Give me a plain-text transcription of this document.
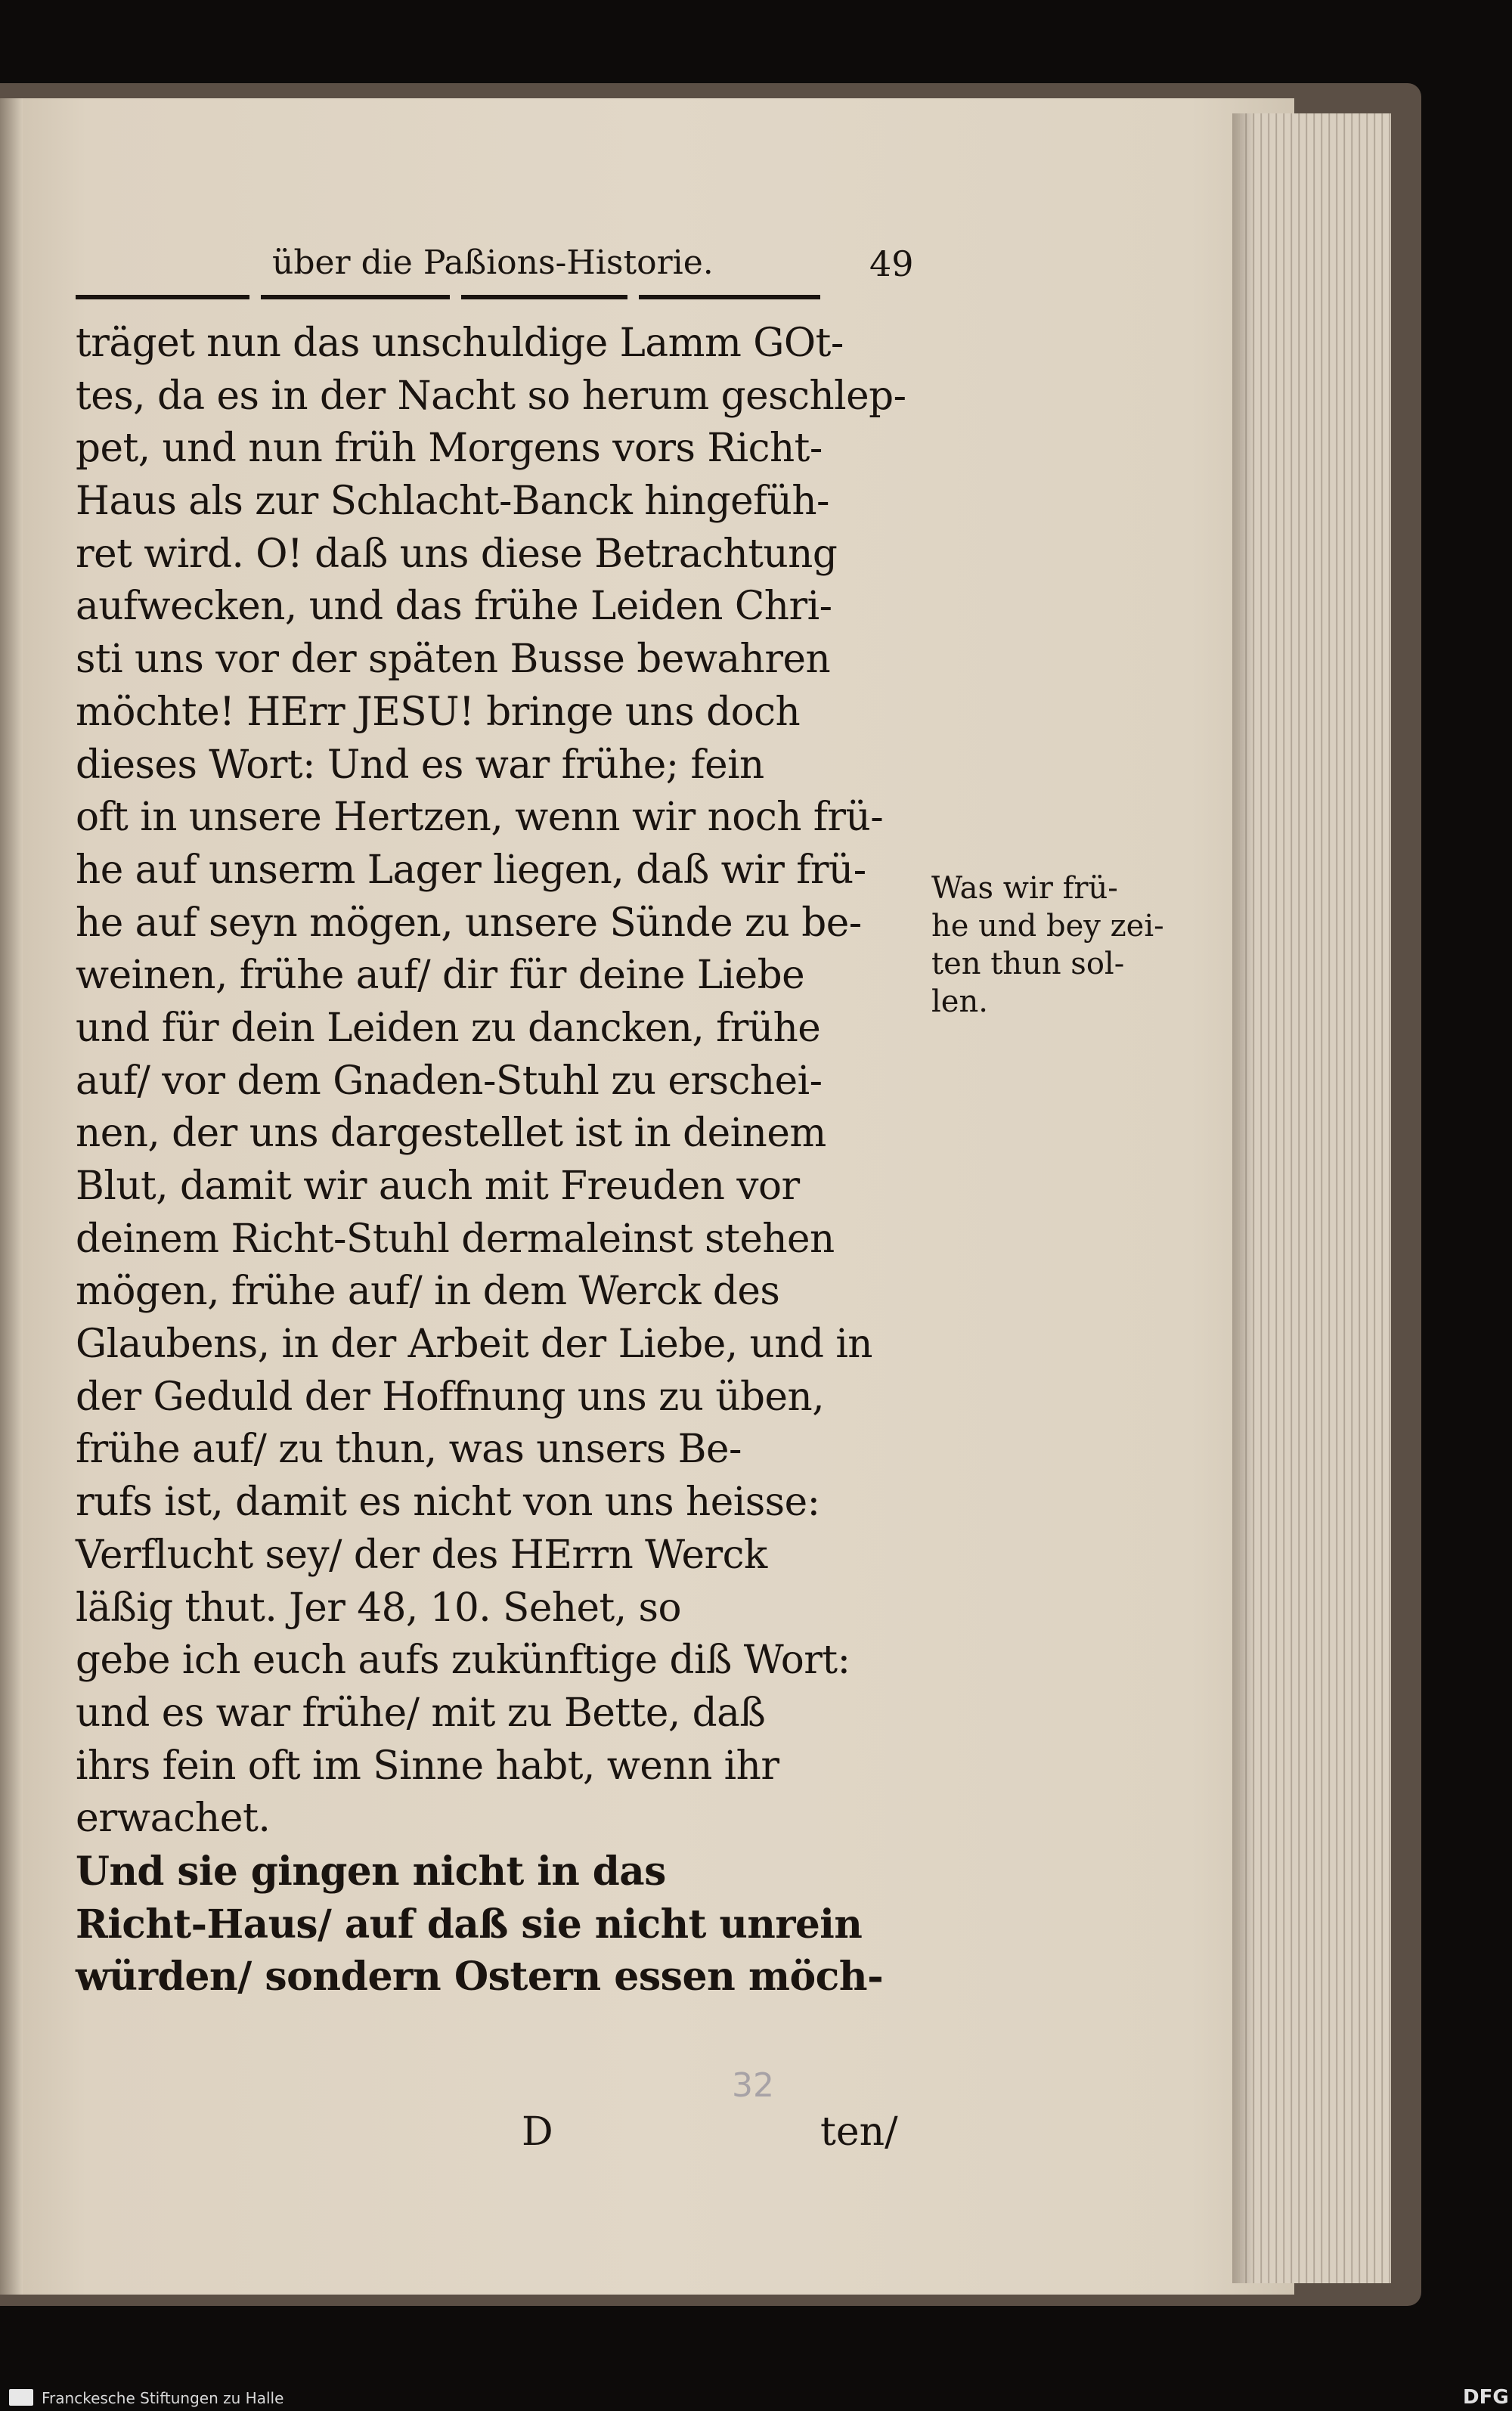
über die Paßions-Historie.	49
träget nun das unschuldige Lamm GOt-
tes, da es in der Nacht so herum geschlep-
pet, und nun früh Morgens vors Richt-
Haus als zur Schlacht-Banck hingefüh-
ret wird. O! daß uns diese Betrachtung
aufwecken, und das frühe Leiden Chri-
sti uns vor der späten Busse bewahren
möchte! HErr JESU! bringe uns doch
dieses Wort: Und es war frühe; fein
oft in unsere Hertzen, wenn wir noch frü-
he auf unserm Lager liegen, daß wir frü-
he auf seyn mögen, unsere Sünde zu be-
weinen, frühe auf/ dir für deine Liebe
und für dein Leiden zu dancken, frühe
auf/ vor dem Gnaden-Stuhl zu erschei-
nen, der uns dargestellet ist in deinem
Blut, damit wir auch mit Freuden vor
deinem Richt-Stuhl dermaleinst stehen
mögen, frühe auf/ in dem Werck des
Glaubens, in der Arbeit der Liebe, und in
der Geduld der Hoffnung uns zu üben,
frühe auf/ zu thun, was unsers Be-
rufs ist, damit es nicht von uns heisse:
Verflucht sey/ der des HErrn Werck
läßig thut. Jer 48, 10. Sehet, so
gebe ich euch aufs zukünftige diß Wort:
und es war frühe/ mit zu Bette, daß
ihrs fein oft im Sinne habt, wenn ihr
erwachet.
Und sie gingen nicht in das
Richt-Haus/ auf daß sie nicht unrein
würden/ sondern Ostern essen möch-
Was wir frü-
he und bey zei-
ten thun sol-
len.
D
32
ten/
Franckesche Stiftungen zu Halle	DFG
